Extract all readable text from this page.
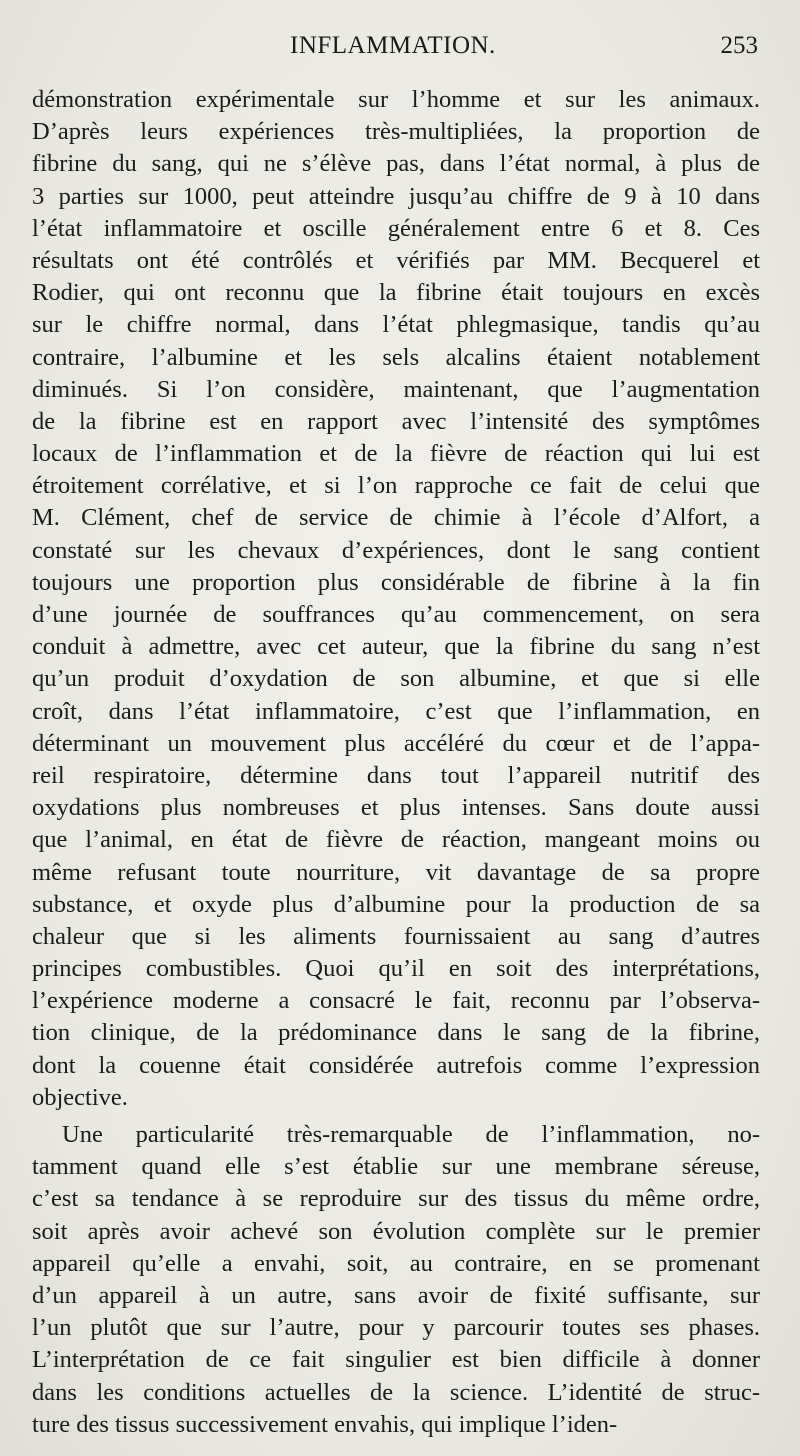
INFLAMMATION.	253
démonstration expérimentale sur l’homme et sur les animaux.
D’après leurs expériences très-multipliées, la proportion de
fibrine du sang, qui ne s’élève pas, dans l’état normal, à plus de
3 parties sur 1000, peut atteindre jusqu’au chiffre de 9 à 10 dans
l’état inflammatoire et oscille généralement entre 6 et 8. Ces
résultats ont été contrôlés et vérifiés par MM. Becquerel et
Rodier, qui ont reconnu que la fibrine était toujours en excès
sur le chiffre normal, dans l’état phlegmasique, tandis qu’au
contraire, l’albumine et les sels alcalins étaient notablement
diminués. Si l’on considère, maintenant, que l’augmentation
de la fibrine est en rapport avec l’intensité des symptômes
locaux de l’inflammation et de la fièvre de réaction qui lui est
étroitement corrélative, et si l’on rapproche ce fait de celui que
M. Clément, chef de service de chimie à l’école d’Alfort, a
constaté sur les chevaux d’expériences, dont le sang contient
toujours une proportion plus considérable de fibrine à la fin
d’une journée de souffrances qu’au commencement, on sera
conduit à admettre, avec cet auteur, que la fibrine du sang n’est
qu’un produit d’oxydation de son albumine, et que si elle
croît, dans l’état inflammatoire, c’est que l’inflammation, en
déterminant un mouvement plus accéléré du cœur et de l’appa-
reil respiratoire, détermine dans tout l’appareil nutritif des
oxydations plus nombreuses et plus intenses. Sans doute aussi
que l’animal, en état de fièvre de réaction, mangeant moins ou
même refusant toute nourriture, vit davantage de sa propre
substance, et oxyde plus d’albumine pour la production de sa
chaleur que si les aliments fournissaient au sang d’autres
principes combustibles. Quoi qu’il en soit des interprétations,
l’expérience moderne a consacré le fait, reconnu par l’observa-
tion clinique, de la prédominance dans le sang de la fibrine,
dont la couenne était considérée autrefois comme l’expression
objective.
Une particularité très-remarquable de l’inflammation, no-
tamment quand elle s’est établie sur une membrane séreuse,
c’est sa tendance à se reproduire sur des tissus du même ordre,
soit après avoir achevé son évolution complète sur le premier
appareil qu’elle a envahi, soit, au contraire, en se promenant
d’un appareil à un autre, sans avoir de fixité suffisante, sur
l’un plutôt que sur l’autre, pour y parcourir toutes ses phases.
L’interprétation de ce fait singulier est bien difficile à donner
dans les conditions actuelles de la science. L’identité de struc-
ture des tissus successivement envahis, qui implique l’iden-
